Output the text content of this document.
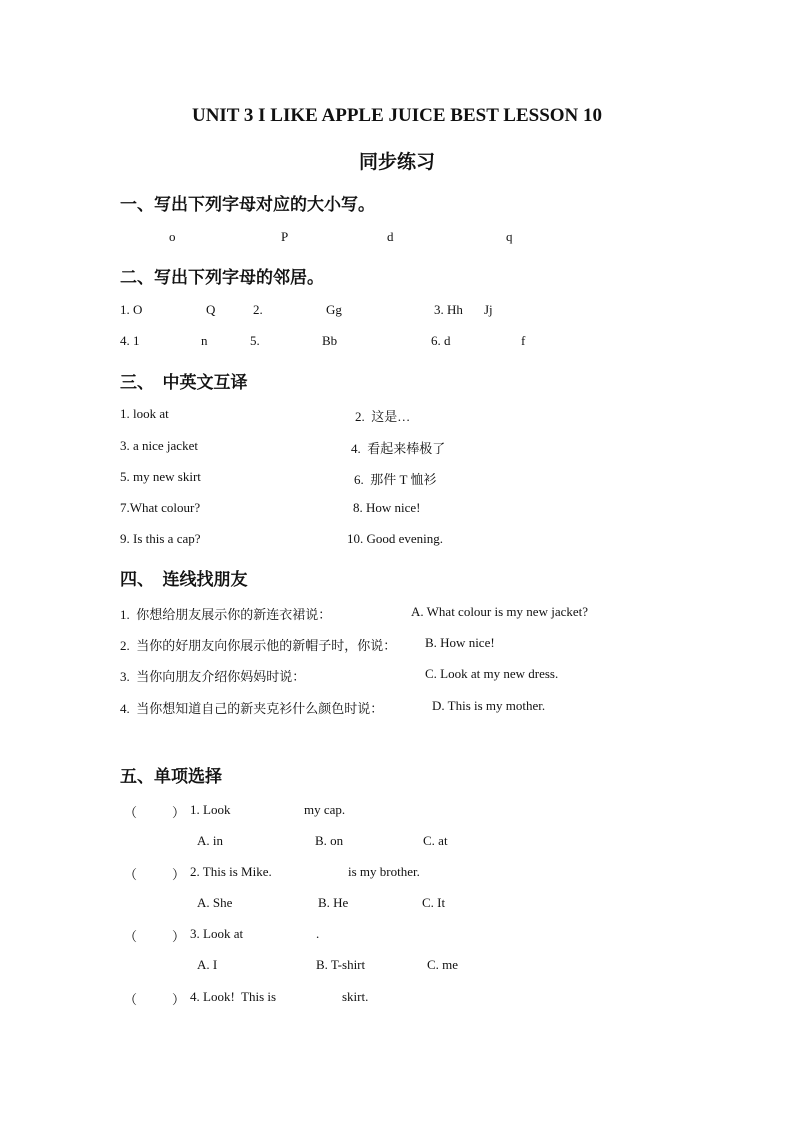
UNIT 3 I LIKE APPLE JUICE BEST LESSON 10
同步练习
一、写出下列字母对应的大小写。
o	P	d	q
二、写出下列字母的邻居。
1. O	Q	2.	Gg	3. Hh Jj
4. 1	n	5.	Bb	6. d	f
三、  中英文互译
1. look at	2.  这是…
3. a nice jacket	4.  看起来棒极了
5. my new skirt	6.  那件 T 恤衫
7.What colour?	8. How nice!
9. Is this a cap?	10. Good evening.
四、  连线找朋友
1.  你想给朋友展示你的新连衣裙说：	A. What colour is my new jacket?
2.  当你的好朋友向你展示他的新帽子时，你说： B. How nice!
3.  当你向朋友介绍你妈妈时说：	C. Look at my new dress.
4.  当你想知道自己的新夹克衫什么颜色时说：	D. This is my mother.
五、单项选择
（	） 1. Look	my cap.
A. in	B. on	C. at
（	） 2. This is Mike.	is my brother.
A. She	B. He	C. It
（	） 3. Look at	.
A. I	B. T-shirt	C. me
（	） 4. Look!  This is	skirt.
